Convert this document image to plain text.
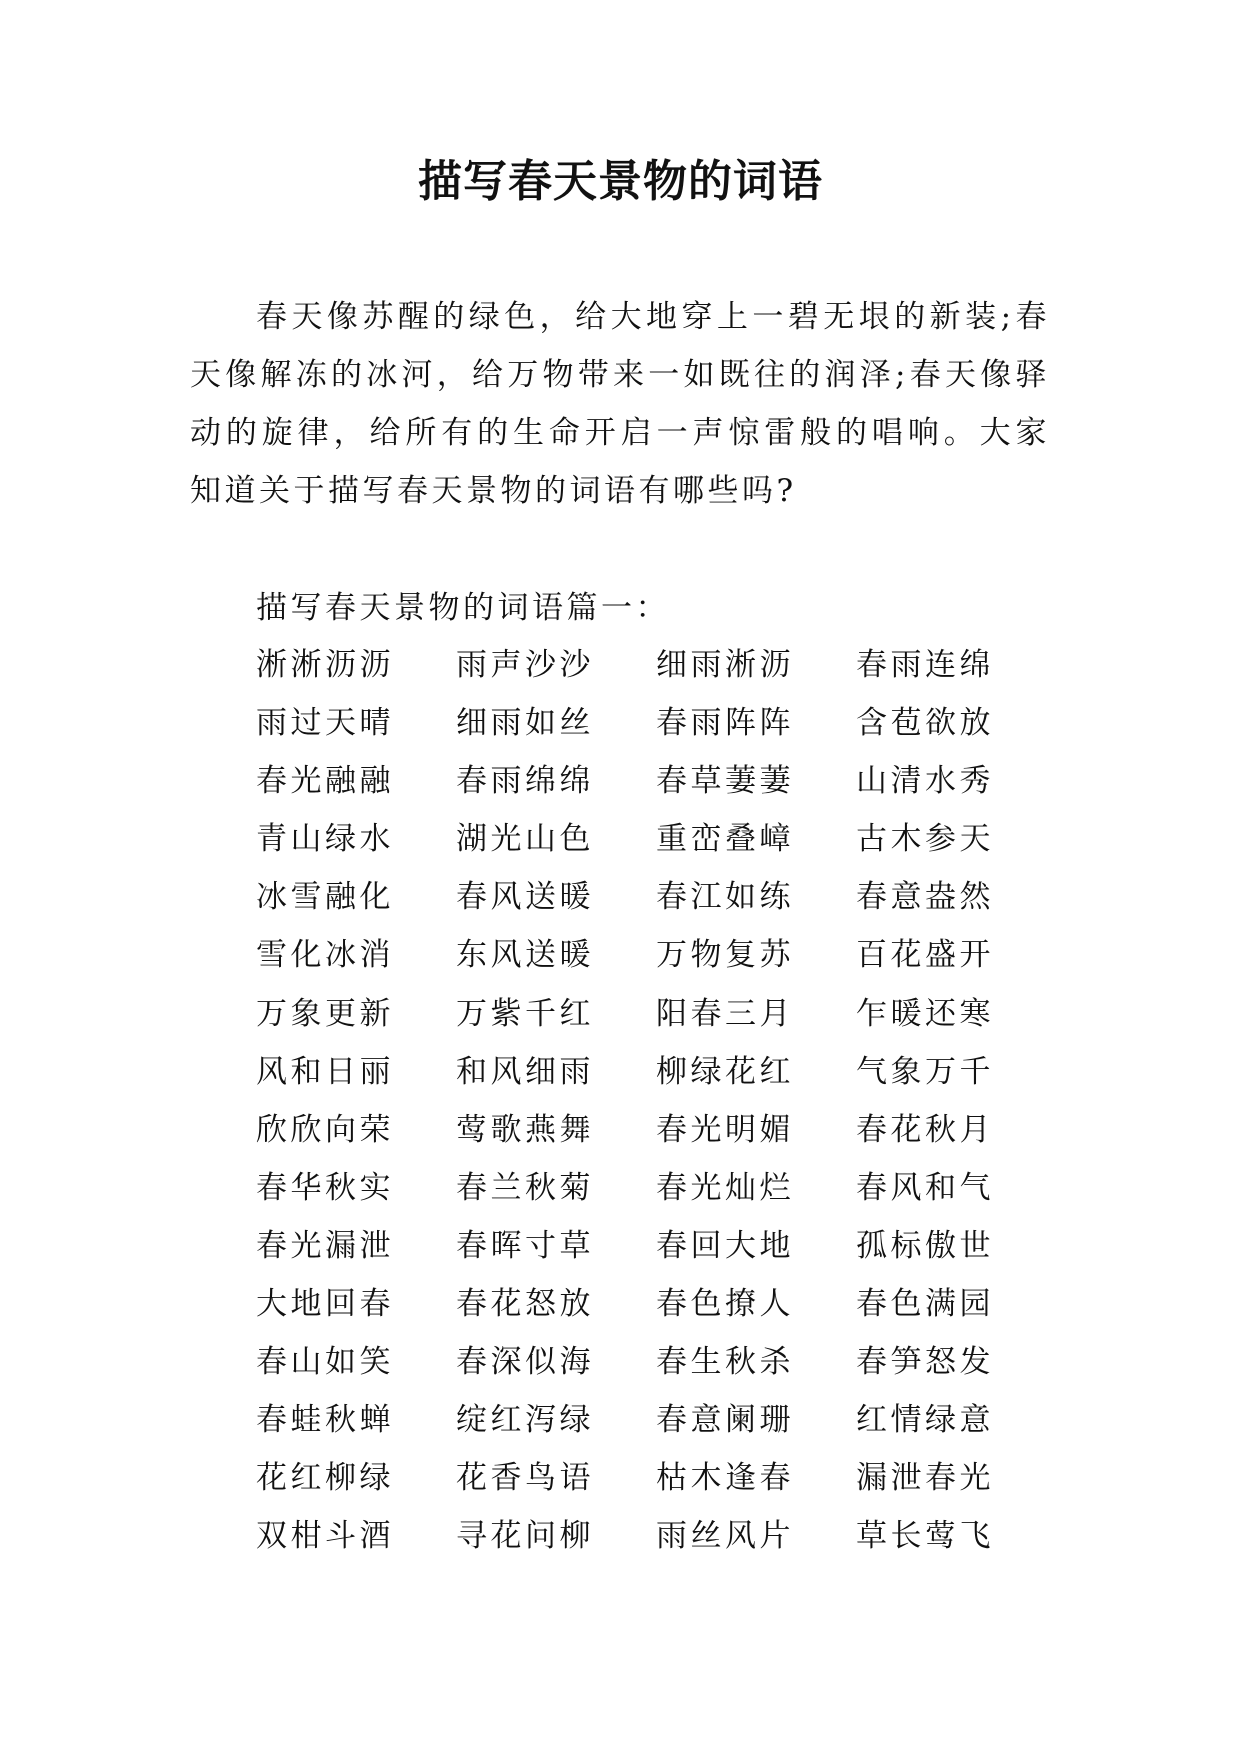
描写春天景物的词语

春天像苏醒的绿色，给大地穿上一碧无垠的新装;春天像解冻的冰河，给万物带来一如既往的润泽;春天像驿动的旋律，给所有的生命开启一声惊雷般的唱响。大家知道关于描写春天景物的词语有哪些吗?

描写春天景物的词语篇一：
淅淅沥沥	雨声沙沙	细雨淅沥	春雨连绵
雨过天晴	细雨如丝	春雨阵阵	含苞欲放
春光融融	春雨绵绵	春草萋萋	山清水秀
青山绿水	湖光山色	重峦叠嶂	古木参天
冰雪融化	春风送暖	春江如练	春意盎然
雪化冰消	东风送暖	万物复苏	百花盛开
万象更新	万紫千红	阳春三月	乍暖还寒
风和日丽	和风细雨	柳绿花红	气象万千
欣欣向荣	莺歌燕舞	春光明媚	春花秋月
春华秋实	春兰秋菊	春光灿烂	春风和气
春光漏泄	春晖寸草	春回大地	孤标傲世
大地回春	春花怒放	春色撩人	春色满园
春山如笑	春深似海	春生秋杀	春笋怒发
春蛙秋蝉	绽红泻绿	春意阑珊	红情绿意
花红柳绿	花香鸟语	枯木逢春	漏泄春光
双柑斗酒	寻花问柳	雨丝风片	草长莺飞
